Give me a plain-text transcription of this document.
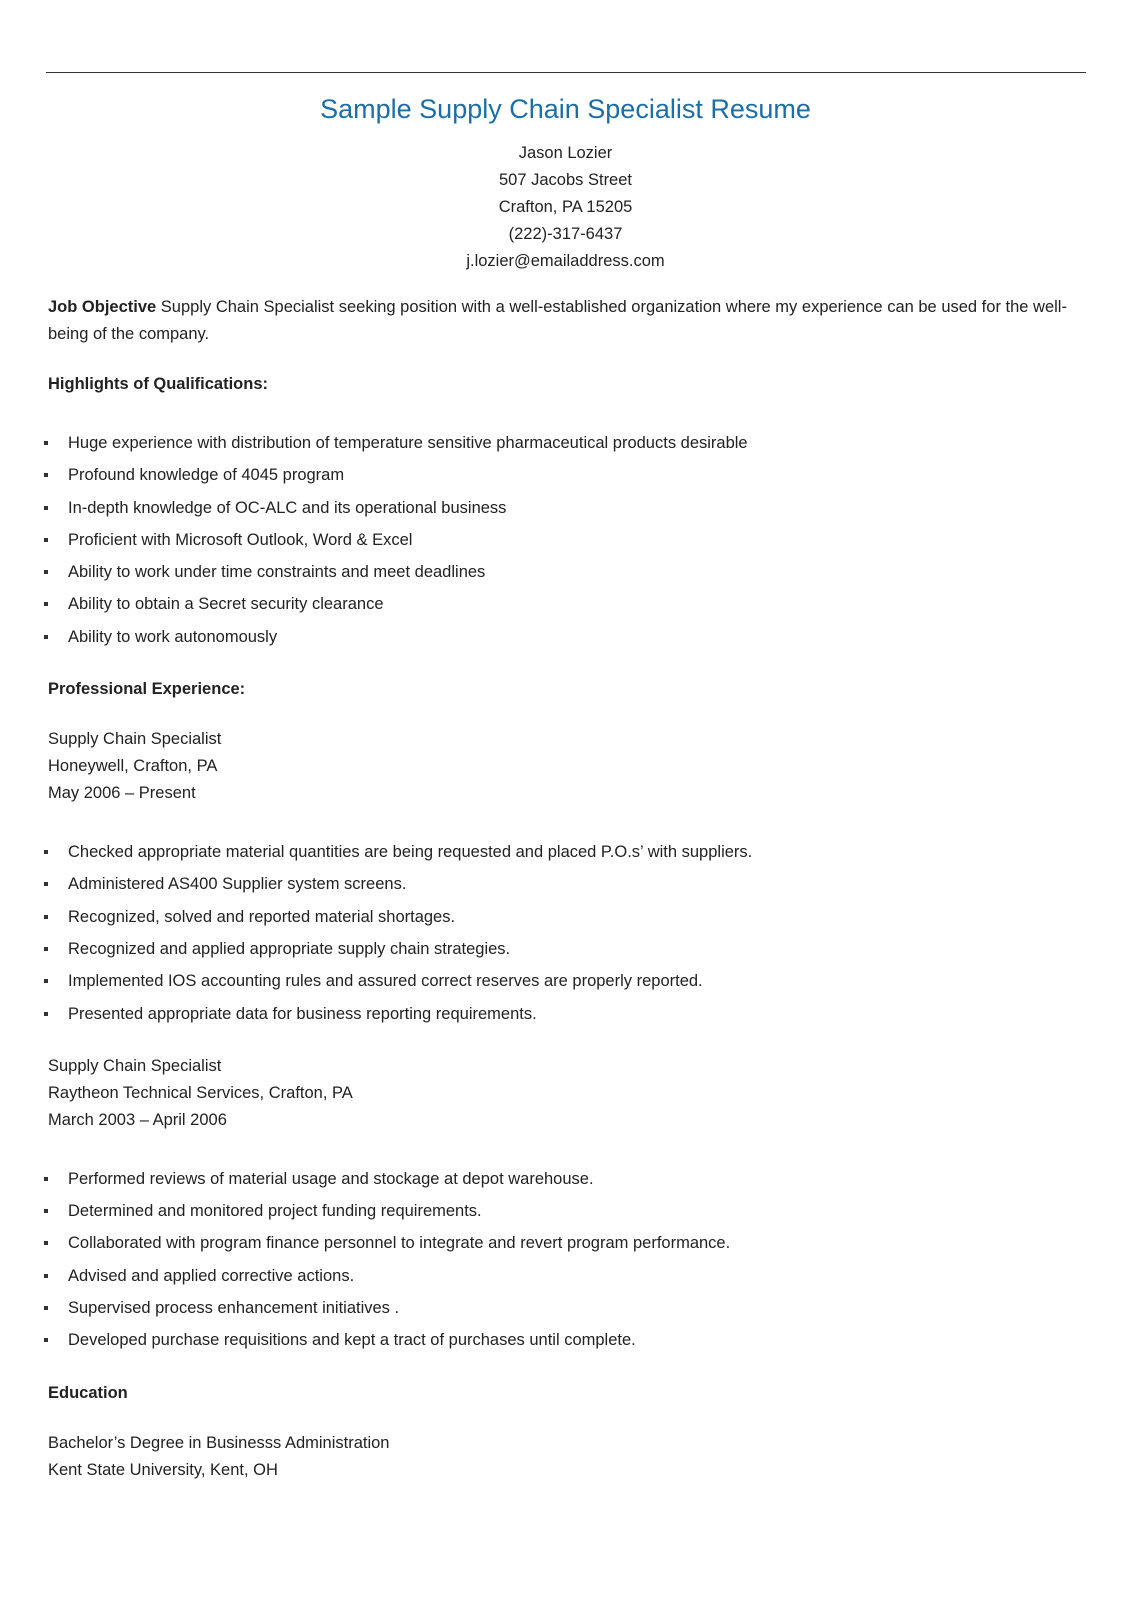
Sample Supply Chain Specialist Resume
Jason Lozier
507 Jacobs Street
Crafton, PA 15205
(222)-317-6437
j.lozier@emailaddress.com

Job Objective Supply Chain Specialist seeking position with a well-established organization where my experience can be used for the well-being of the company.

Highlights of Qualifications:
Huge experience with distribution of temperature sensitive pharmaceutical products desirable
Profound knowledge of 4045 program
In-depth knowledge of OC-ALC and its operational business
Proficient with Microsoft Outlook, Word & Excel
Ability to work under time constraints and meet deadlines
Ability to obtain a Secret security clearance
Ability to work autonomously
Professional Experience:
Supply Chain Specialist
Honeywell, Crafton, PA
May 2006 – Present
Checked appropriate material quantities are being requested and placed P.O.s’ with suppliers.
Administered AS400 Supplier system screens.
Recognized, solved and reported material shortages.
Recognized and applied appropriate supply chain strategies.
Implemented IOS accounting rules and assured correct reserves are properly reported.
Presented appropriate data for business reporting requirements.
Supply Chain Specialist
Raytheon Technical Services, Crafton, PA
March 2003 – April 2006
Performed reviews of material usage and stockage at depot warehouse.
Determined and monitored project funding requirements.
Collaborated with program finance personnel to integrate and revert program performance.
Advised and applied corrective actions.
Supervised process enhancement initiatives .
Developed purchase requisitions and kept a tract of purchases until complete.
Education
Bachelor’s Degree in Businesss Administration
Kent State University, Kent, OH
